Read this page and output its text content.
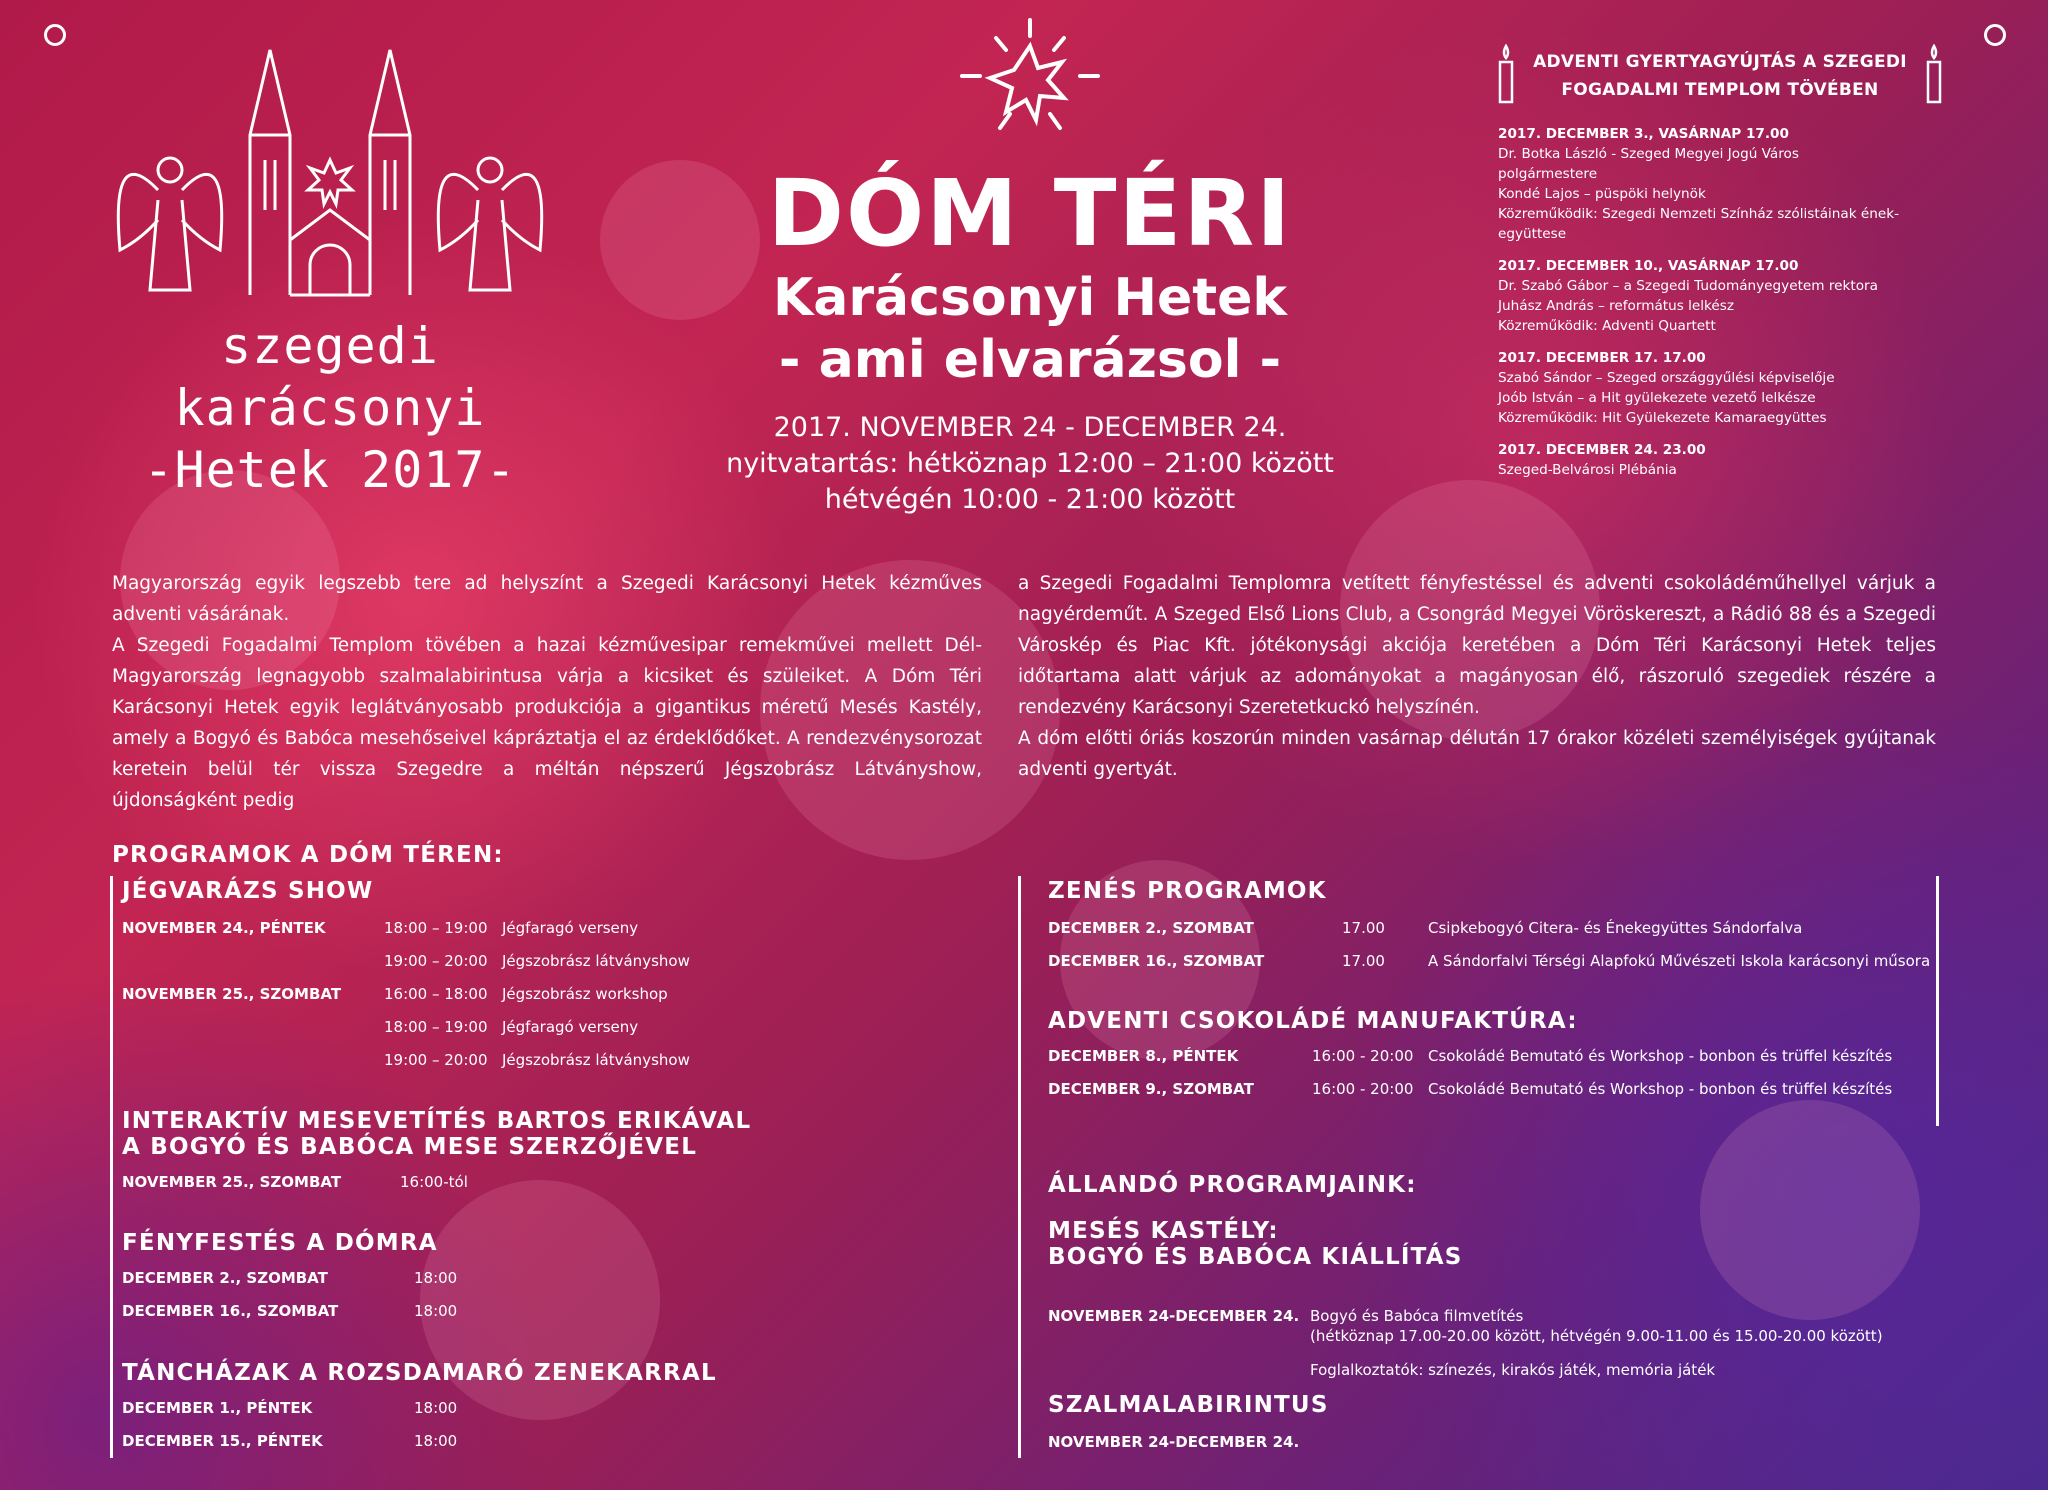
szegedi karácsonyi
-Hetek 2017-
DÓM TÉRI
Karácsonyi Hetek
- ami elvarázsol -
2017. NOVEMBER 24 - DECEMBER 24.
nyitvatartás: hétköznap 12:00 – 21:00 között
hétvégén 10:00 - 21:00 között
ADVENTI GYERTYAGYÚJTÁS A SZEGEDI
FOGADALMI TEMPLOM TÖVÉBEN
2017. DECEMBER 3., VASÁRNAP 17.00
Dr. Botka László - Szeged Megyei Jogú Város
polgármestere
Kondé Lajos – püspöki helynök
Közreműködik: Szegedi Nemzeti Színház szólistáinak ének-
együttese
2017. DECEMBER 10., VASÁRNAP 17.00
Dr. Szabó Gábor – a Szegedi Tudományegyetem rektora
Juhász András – református lelkész
Közreműködik: Adventi Quartett
2017. DECEMBER 17. 17.00
Szabó Sándor – Szeged országgyűlési képviselője
Joób István – a Hit gyülekezete vezető lelkésze
Közreműködik: Hit Gyülekezete Kamaraegyüttes
2017. DECEMBER 24. 23.00
Szeged-Belvárosi Plébánia

Magyarország egyik legszebb tere ad helyszínt a Szegedi Karácsonyi Hetek kézműves adventi vásárának.

A Szegedi Fogadalmi Templom tövében a hazai kézművesipar remekművei mellett Dél-Magyarország legnagyobb szalmalabirintusa várja a kicsiket és szüleiket. A Dóm Téri Karácsonyi Hetek egyik leglátványosabb produkciója a gigantikus méretű Mesés Kastély, amely a Bogyó és Babóca mesehőseivel kápráztatja el az érdeklődőket. A rendezvénysorozat keretein belül tér vissza Szegedre a méltán népszerű Jégszobrász Látványshow, újdonságként pedig

a Szegedi Fogadalmi Templomra vetített fényfestéssel és adventi csokoládéműhellyel várjuk a nagyérdeműt. A Szeged Első Lions Club, a Csongrád Megyei Vöröskereszt, a Rádió 88 és a Szegedi Városkép és Piac Kft. jótékonysági akciója keretében a Dóm Téri Karácsonyi Hetek teljes időtartama alatt várjuk az adományokat a magányosan élő, rászoruló szegediek részére a rendezvény Karácsonyi Szeretetkuckó helyszínén.

A dóm előtti óriás koszorún minden vasárnap délután 17 órakor közéleti személyiségek gyújtanak adventi gyertyát.

PROGRAMOK A DÓM TÉREN:
JÉGVARÁZS SHOW
NOVEMBER 24., PÉNTEK	18:00 – 19:00 Jégfaragó verseny
19:00 – 20:00 Jégszobrász látványshow
NOVEMBER 25., SZOMBAT	16:00 – 18:00 Jégszobrász workshop
18:00 – 19:00 Jégfaragó verseny
19:00 – 20:00 Jégszobrász látványshow
INTERAKTÍV MESEVETÍTÉS BARTOS ERIKÁVAL
A BOGYÓ ÉS BABÓCA MESE SZERZŐJÉVEL
NOVEMBER 25., SZOMBAT	16:00-tól
FÉNYFESTÉS A DÓMRA
DECEMBER 2., SZOMBAT	18:00
DECEMBER 16., SZOMBAT	18:00
TÁNCHÁZAK A ROZSDAMARÓ ZENEKARRAL
DECEMBER 1., PÉNTEK	18:00
DECEMBER 15., PÉNTEK	18:00
ZENÉS PROGRAMOK
DECEMBER 2., SZOMBAT	17.00	Csipkebogyó Citera- és Énekegyüttes Sándorfalva
DECEMBER 16., SZOMBAT	17.00	A Sándorfalvi Térségi Alapfokú Művészeti Iskola karácsonyi műsora
ADVENTI CSOKOLÁDÉ MANUFAKTÚRA:
DECEMBER 8., PÉNTEK	16:00 - 20:00 Csokoládé Bemutató és Workshop - bonbon és trüffel készítés
DECEMBER 9., SZOMBAT	16:00 - 20:00 Csokoládé Bemutató és Workshop - bonbon és trüffel készítés
ÁLLANDÓ PROGRAMJAINK:
MESÉS KASTÉLY:
BOGYÓ ÉS BABÓCA KIÁLLÍTÁS
NOVEMBER 24-DECEMBER 24. Bogyó és Babóca filmvetítés
(hétköznap 17.00-20.00 között, hétvégén 9.00-11.00 és 15.00-20.00 között)
Foglalkoztatók: színezés, kirakós játék, memória játék
SZALMALABIRINTUS
NOVEMBER 24-DECEMBER 24.
